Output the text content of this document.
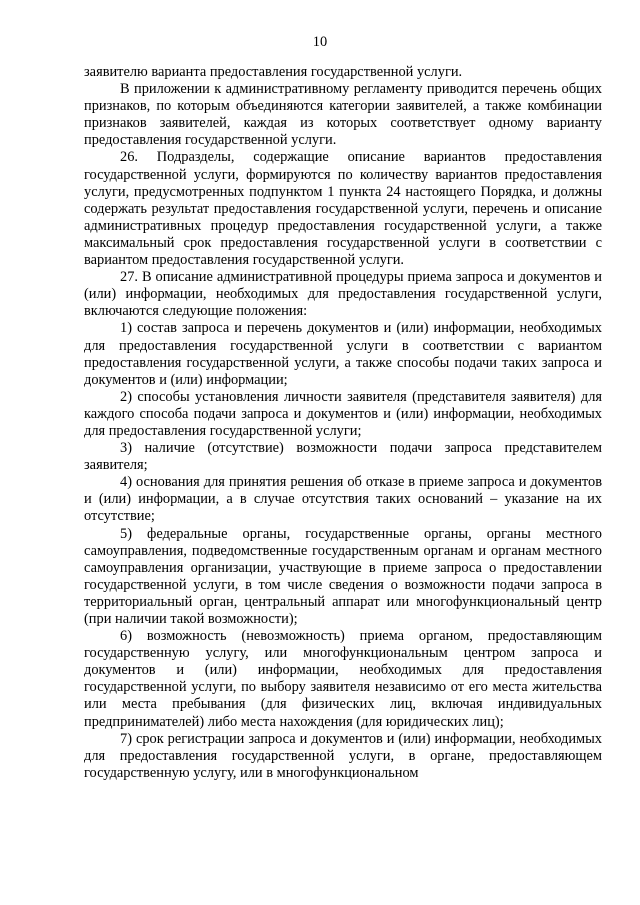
10

заявителю варианта предоставления государственной услуги.

В приложении к административному регламенту приводится перечень общих признаков, по которым объединяются категории заявителей, а также комбинации признаков заявителей, каждая из которых соответствует одному варианту предоставления государственной услуги.

26. Подразделы, содержащие описание вариантов предоставления государственной услуги, формируются по количеству вариантов предоставления услуги, предусмотренных подпунктом 1 пункта 24 настоящего Порядка, и должны содержать результат предоставления государственной услуги, перечень и описание административных процедур предоставления государственной услуги, а также максимальный срок предоставления государственной услуги в соответствии с вариантом предоставления государственной услуги.

27. В описание административной процедуры приема запроса и документов и (или) информации, необходимых для предоставления государственной услуги, включаются следующие положения:

1) состав запроса и перечень документов и (или) информации, необходимых для предоставления государственной услуги в соответствии с вариантом предоставления государственной услуги, а также способы подачи таких запроса и документов и (или) информации;

2) способы установления личности заявителя (представителя заявителя) для каждого способа подачи запроса и документов и (или) информации, необходимых для предоставления государственной услуги;

3) наличие (отсутствие) возможности подачи запроса представителем заявителя;

4) основания для принятия решения об отказе в приеме запроса и документов и (или) информации, а в случае отсутствия таких оснований – указание на их отсутствие;

5) федеральные органы, государственные органы, органы местного самоуправления, подведомственные государственным органам и органам местного самоуправления организации, участвующие в приеме запроса о предоставлении государственной услуги, в том числе сведения о возможности подачи запроса в территориальный орган, центральный аппарат или многофункциональный центр (при наличии такой возможности);

6) возможность (невозможность) приема органом, предоставляющим государственную услугу, или многофункциональным центром запроса и документов и (или) информации, необходимых для предоставления государственной услуги, по выбору заявителя независимо от его места жительства или места пребывания (для физических лиц, включая индивидуальных предпринимателей) либо места нахождения (для юридических лиц);

7) срок регистрации запроса и документов и (или) информации, необходимых для предоставления государственной услуги, в органе, предоставляющем государственную услугу, или в многофункциональном
